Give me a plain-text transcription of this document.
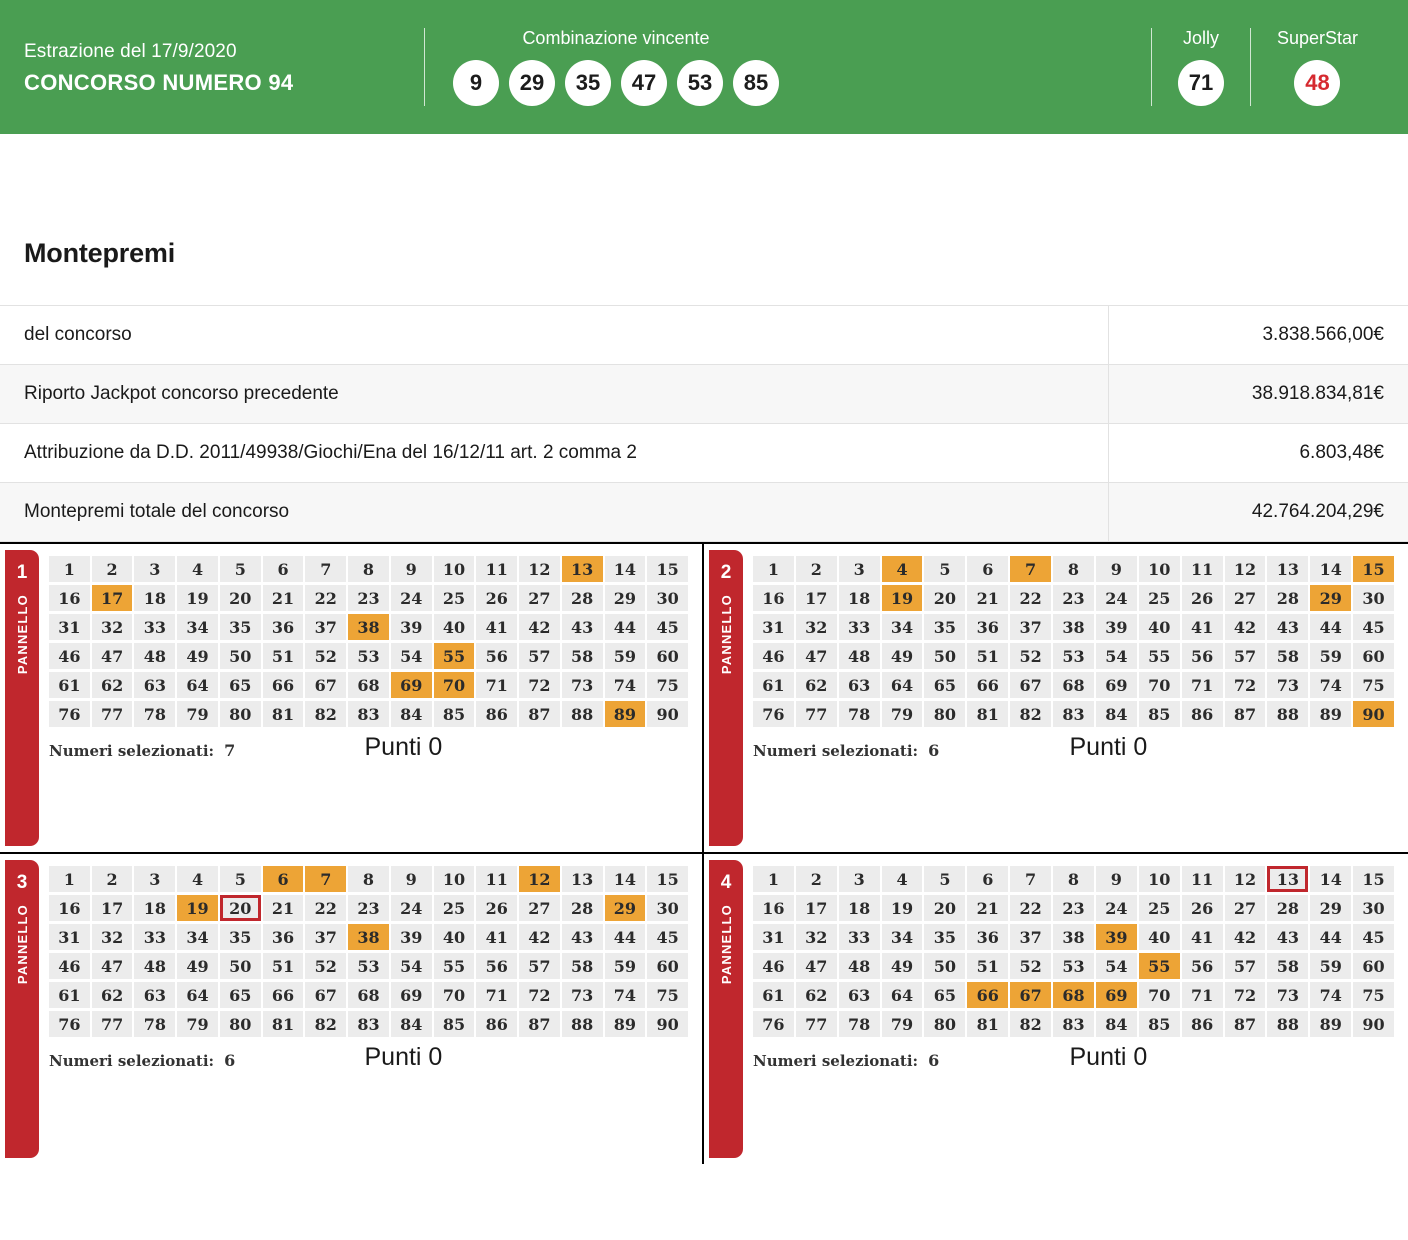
Estrazione del 17/9/2020
CONCORSO NUMERO 94
Combinazione vincente
9	29	35	47	53	85
Jolly
71
SuperStar
48
Montepremi
del concorso	3.838.566,00€
Riporto Jackpot concorso precedente	38.918.834,81€
Attribuzione da D.D. 2011/49938/Giochi/Ena del 16/12/11 art. 2 comma 2	6.803,48€
Montepremi totale del concorso	42.764.204,29€
1
PANNELLO
1	2	3	4	5	6	7	8	9	10	11	12	13	14	15
16	17	18	19	20	21	22	23	24	25	26	27	28	29	30
31	32	33	34	35	36	37	38	39	40	41	42	43	44	45
46	47	48	49	50	51	52	53	54	55	56	57	58	59	60
61	62	63	64	65	66	67	68	69	70	71	72	73	74	75
76	77	78	79	80	81	82	83	84	85	86	87	88	89	90
Numeri selezionati: 7	Punti 0
2
PANNELLO
1	2	3	4	5	6	7	8	9	10	11	12	13	14	15
16	17	18	19	20	21	22	23	24	25	26	27	28	29	30
31	32	33	34	35	36	37	38	39	40	41	42	43	44	45
46	47	48	49	50	51	52	53	54	55	56	57	58	59	60
61	62	63	64	65	66	67	68	69	70	71	72	73	74	75
76	77	78	79	80	81	82	83	84	85	86	87	88	89	90
Numeri selezionati: 6	Punti 0
3
PANNELLO
1	2	3	4	5	6	7	8	9	10	11	12	13	14	15
16	17	18	19	20	21	22	23	24	25	26	27	28	29	30
31	32	33	34	35	36	37	38	39	40	41	42	43	44	45
46	47	48	49	50	51	52	53	54	55	56	57	58	59	60
61	62	63	64	65	66	67	68	69	70	71	72	73	74	75
76	77	78	79	80	81	82	83	84	85	86	87	88	89	90
Numeri selezionati: 6	Punti 0
4
PANNELLO
1	2	3	4	5	6	7	8	9	10	11	12	13	14	15
16	17	18	19	20	21	22	23	24	25	26	27	28	29	30
31	32	33	34	35	36	37	38	39	40	41	42	43	44	45
46	47	48	49	50	51	52	53	54	55	56	57	58	59	60
61	62	63	64	65	66	67	68	69	70	71	72	73	74	75
76	77	78	79	80	81	82	83	84	85	86	87	88	89	90
Numeri selezionati: 6	Punti 0
